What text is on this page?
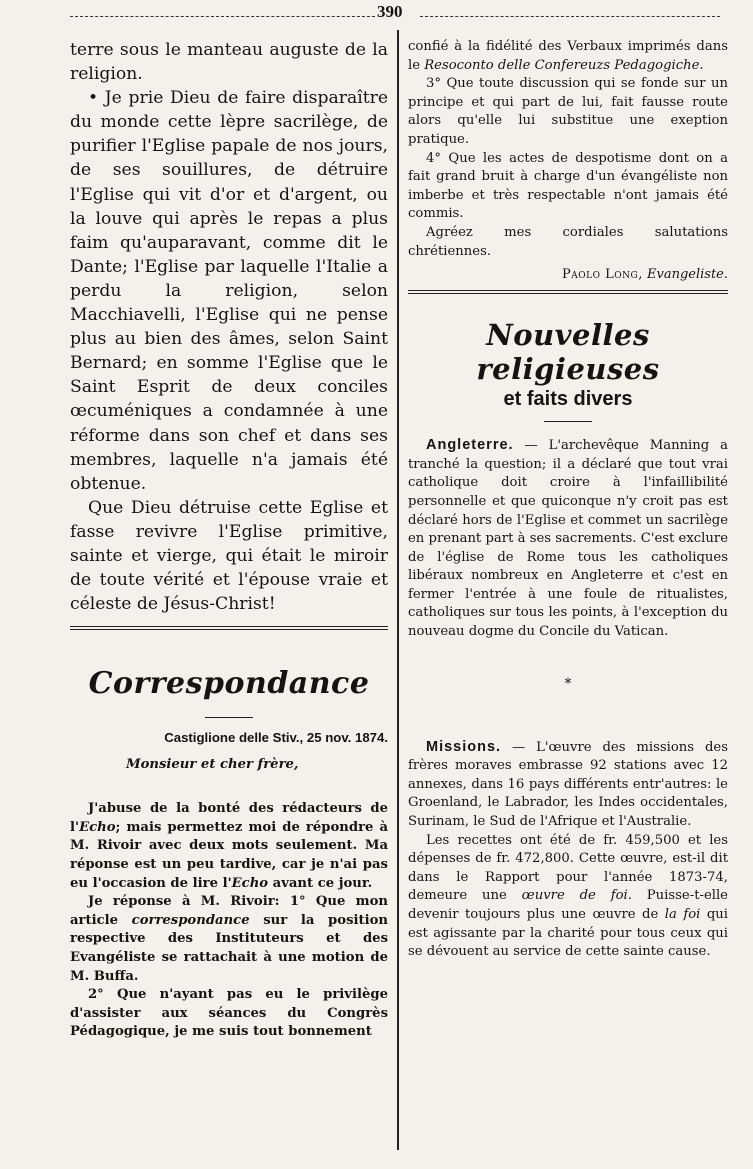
390

terre sous le manteau auguste de la religion.

• Je prie Dieu de faire disparaître du monde cette lèpre sacrilège, de purifier l'Eglise papale de nos jours, de ses souillures, de détruire l'Eglise qui vit d'or et d'argent, ou la louve qui après le repas a plus faim qu'auparavant, comme dit le Dante; l'Eglise par laquelle l'Italie a perdu la religion, selon Macchiavelli, l'Eglise qui ne pense plus au bien des âmes, selon Saint Bernard; en somme l'Eglise que le Saint Esprit de deux conciles œcuméniques a condamnée à une réforme dans son chef et dans ses membres, laquelle n'a jamais été obtenue.

Que Dieu détruise cette Eglise et fasse revivre l'Eglise primitive, sainte et vierge, qui était le miroir de toute vérité et l'épouse vraie et céleste de Jésus-Christ!

Correspondance
Castiglione delle Stiv., 25 nov. 1874.

Monsieur et cher frère,

J'abuse de la bonté des rédacteurs de l'Echo; mais permettez moi de répondre à M. Rivoir avec deux mots seulement. Ma réponse est un peu tardive, car je n'ai pas eu l'occasion de lire l'Echo avant ce jour.

Je réponse à M. Rivoir: 1° Que mon article correspondance sur la position respective des Instituteurs et des Evangéliste se rattachait à une motion de M. Buffa.

2° Que n'ayant pas eu le privilège d'assister aux séances du Congrès Pédagogique, je me suis tout bonnement

confié à la fidélité des Verbaux imprimés dans le Resoconto delle Confereuzs Pedagogiche.

3° Que toute discussion qui se fonde sur un principe et qui part de lui, fait fausse route alors qu'elle lui substitue une exeption pratique.

4° Que les actes de despotisme dont on a fait grand bruit à charge d'un évangéliste non imberbe et très respectable n'ont jamais été commis.

Agréez mes cordiales salutations chrétiennes.

Paolo Long, Evangeliste.
Nouvelles religieuses
et faits divers

Angleterre. — L'archevêque Manning a tranché la question; il a déclaré que tout vrai catholique doit croire à l'infaillibilité personnelle et que quiconque n'y croit pas est déclaré hors de l'Eglise et commet un sacrilège en prenant part à ses sacrements. C'est exclure de l'église de Rome tous les catholiques libéraux nombreux en Angleterre et c'est en fermer l'entrée à une foule de ritualistes, catholiques sur tous les points, à l'exception du nouveau dogme du Concile du Vatican.

*

Missions. — L'œuvre des missions des frères moraves embrasse 92 stations avec 12 annexes, dans 16 pays différents entr'autres: le Groenland, le Labrador, les Indes occidentales, Surinam, le Sud de l'Afrique et l'Australie.

Les recettes ont été de fr. 459,500 et les dépenses de fr. 472,800. Cette œuvre, est-il dit dans le Rapport pour l'année 1873-74, demeure une œuvre de foi. Puisse-t-elle devenir toujours plus une œuvre de la foi qui est agissante par la charité pour tous ceux qui se dévouent au service de cette sainte cause.
